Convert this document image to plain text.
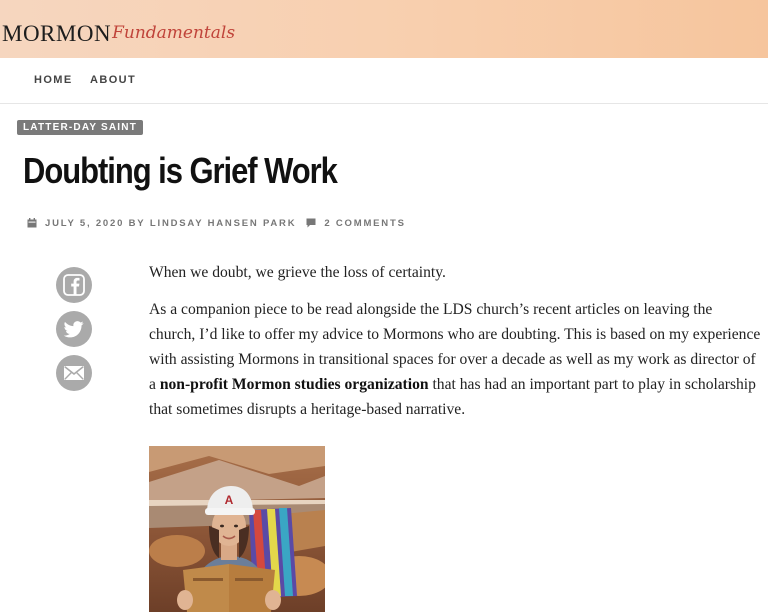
MORMON Fundamentals
HOME ABOUT
LATTER-DAY SAINT
Doubting is Grief Work
JULY 5, 2020
BY
LINDSAY HANSEN PARK	2 COMMENTS

When we doubt, we grieve the loss of certainty.

As a companion piece to be read alongside the LDS church’s recent articles on leaving the church, I’d like to offer my advice to Mormons who are doubting. This is based on my experience with assisting Mormons in transitional spaces for over a decade as well as my work as director of a non-profit Mormon studies organization that has had an important part to play in scholarship that sometimes disrupts a heritage-based narrative.

A
